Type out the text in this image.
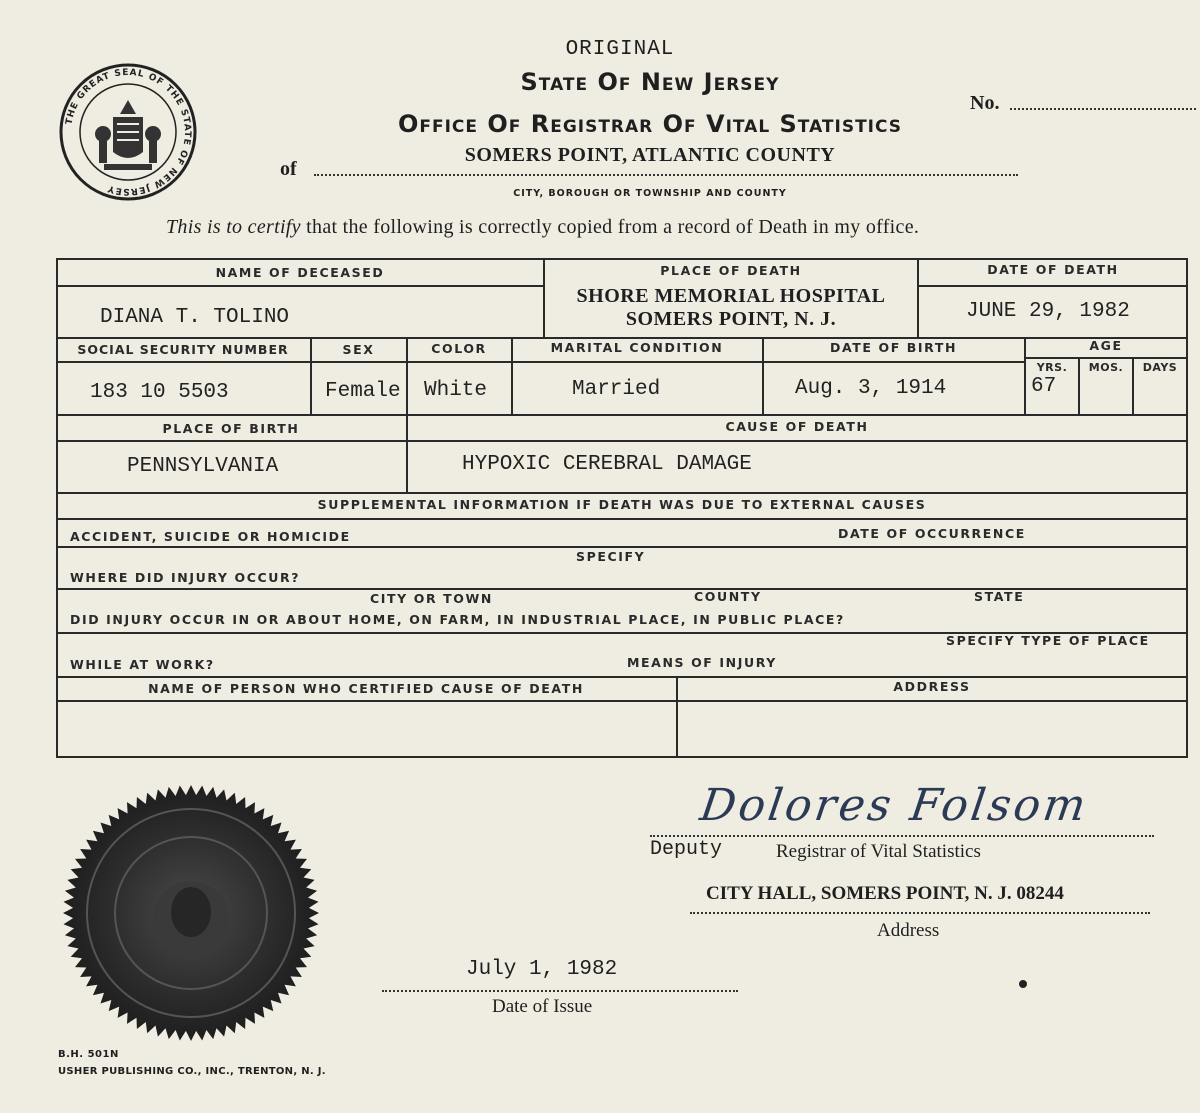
THE GREAT SEAL OF THE STATE OF NEW JERSEY
ORIGINAL
State Of New Jersey
Office Of Registrar Of Vital Statistics
No.
of
SOMERS POINT, ATLANTIC COUNTY
CITY, BOROUGH OR TOWNSHIP AND COUNTY
This is to certify that the following is correctly copied from a record of Death in my office.
NAME OF DECEASED	PLACE OF DEATH	DATE OF DEATH
DIANA T. TOLINO
SHORE MEMORIAL HOSPITAL
SOMERS POINT, N. J.	JUNE 29, 1982
SOCIAL SECURITY NUMBER	SEX	COLOR	MARITAL CONDITION	DATE OF BIRTH	AGE
YRS.	MOS.	DAYS
183 10 5503	Female White	Married	Aug. 3, 1914	67
PLACE OF BIRTH	CAUSE OF DEATH
PENNSYLVANIA	HYPOXIC CEREBRAL DAMAGE
SUPPLEMENTAL INFORMATION IF DEATH WAS DUE TO EXTERNAL CAUSES
ACCIDENT, SUICIDE OR HOMICIDE	DATE OF OCCURRENCE
SPECIFY
WHERE DID INJURY OCCUR?
CITY OR TOWN	COUNTY	STATE
DID INJURY OCCUR IN OR ABOUT HOME, ON FARM, IN INDUSTRIAL PLACE, IN PUBLIC PLACE?
SPECIFY TYPE OF PLACE
WHILE AT WORK?	MEANS OF INJURY
NAME OF PERSON WHO CERTIFIED CAUSE OF DEATH	ADDRESS
Dolores Folsom
Deputy	Registrar of Vital Statistics
CITY HALL, SOMERS POINT, N. J. 08244
Address
July 1, 1982
Date of Issue
B.H. 501N
USHER PUBLISHING CO., INC., TRENTON, N. J.
